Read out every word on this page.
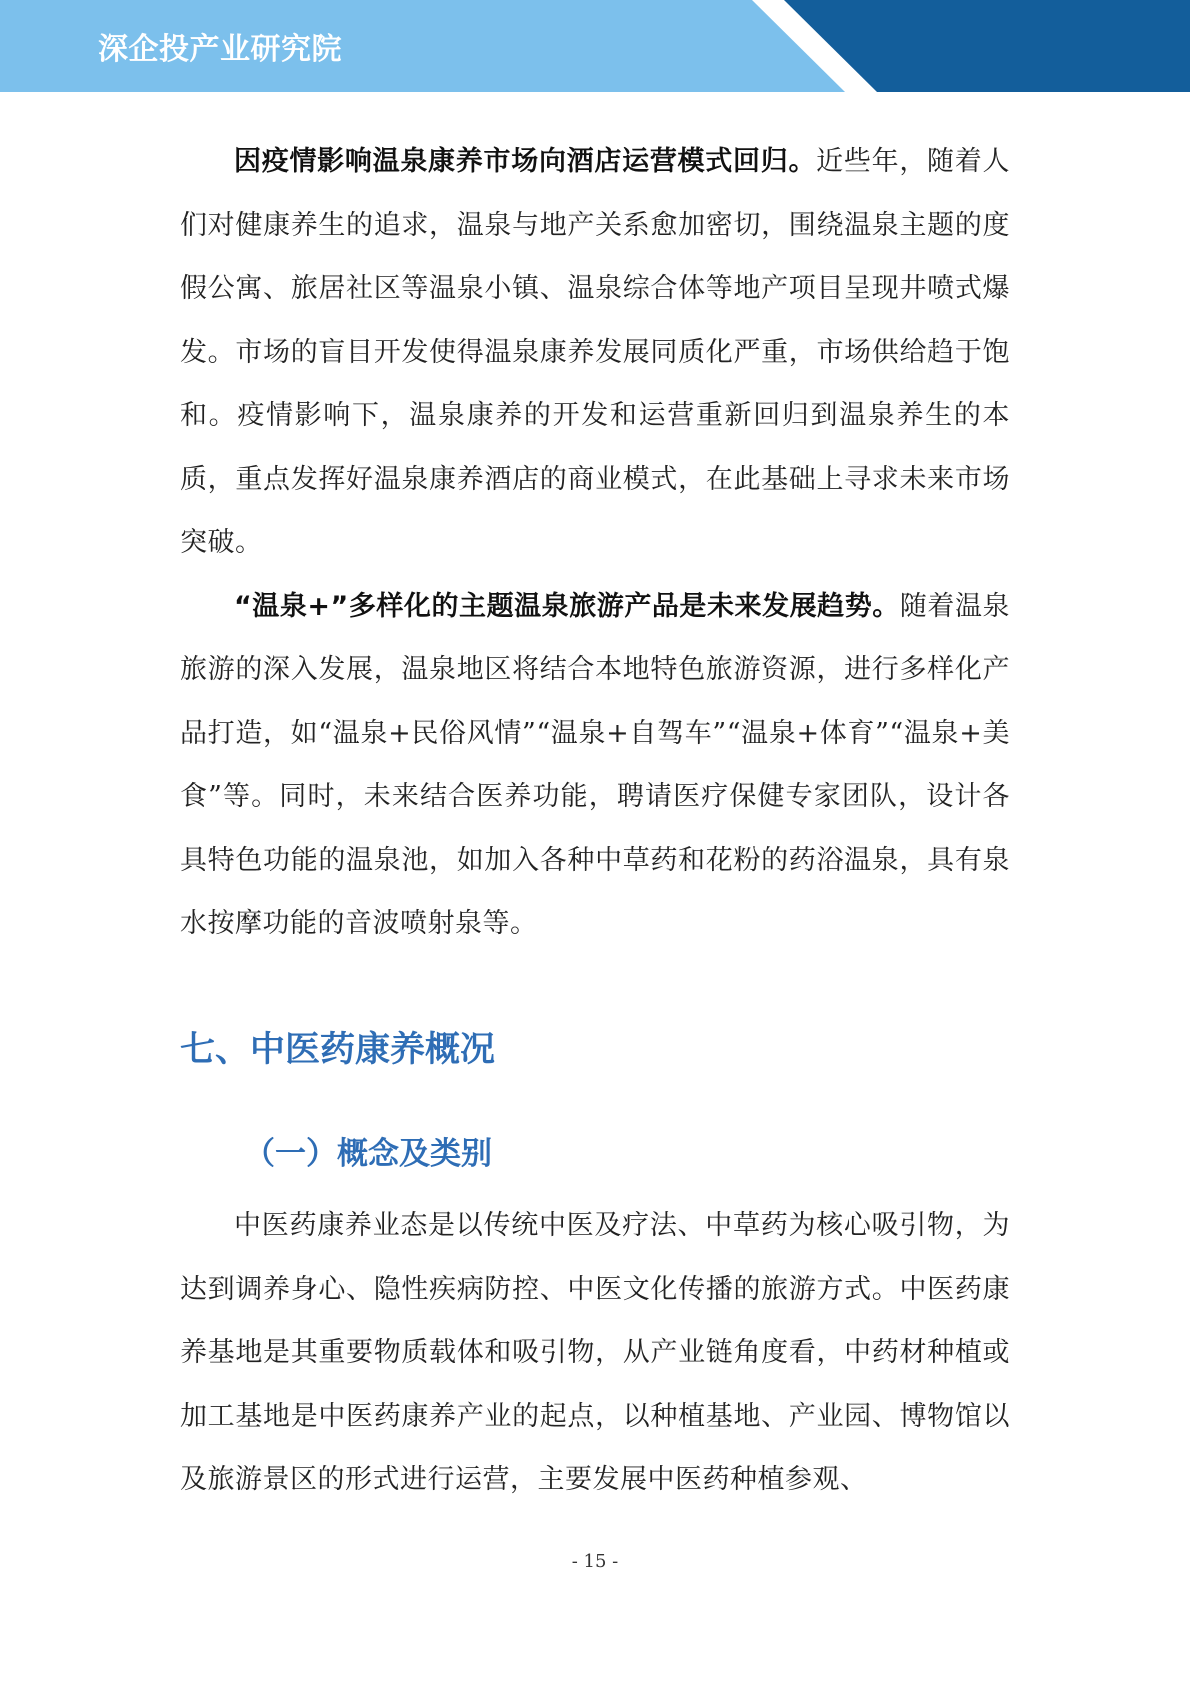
深企投产业研究院

因疫情影响温泉康养市场向酒店运营模式回归。近些年，随着人们对健康养生的追求，温泉与地产关系愈加密切，围绕温泉主题的度假公寓、旅居社区等温泉小镇、温泉综合体等地产项目呈现井喷式爆发。市场的盲目开发使得温泉康养发展同质化严重，市场供给趋于饱和。疫情影响下，温泉康养的开发和运营重新回归到温泉养生的本质，重点发挥好温泉康养酒店的商业模式，在此基础上寻求未来市场突破。

“温泉+”多样化的主题温泉旅游产品是未来发展趋势。随着温泉旅游的深入发展，温泉地区将结合本地特色旅游资源，进行多样化产品打造，如“温泉+民俗风情”“温泉+自驾车”“温泉+体育”“温泉+美食”等。同时，未来结合医养功能，聘请医疗保健专家团队，设计各具特色功能的温泉池，如加入各种中草药和花粉的药浴温泉，具有泉水按摩功能的音波喷射泉等。

七、中医药康养概况
（一）概念及类别

中医药康养业态是以传统中医及疗法、中草药为核心吸引物，为达到调养身心、隐性疾病防控、中医文化传播的旅游方式。中医药康养基地是其重要物质载体和吸引物，从产业链角度看，中药材种植或加工基地是中医药康养产业的起点，以种植基地、产业园、博物馆以及旅游景区的形式进行运营，主要发展中医药种植参观、

- 15 -
